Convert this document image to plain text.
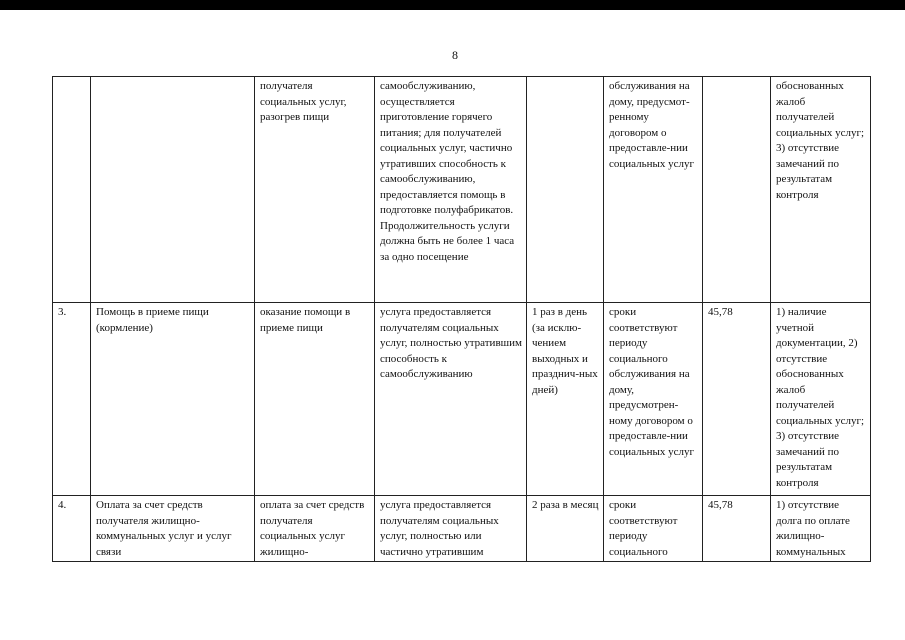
8
		получателя социальных услуг, разогрев пищи	самообслуживанию, осуществляется приготовление горячего питания; для получателей социальных услуг, частично утративших способность к самообслуживанию, предоставляется помощь в подготовке полуфабрикатов. Продолжительность услуги должна быть не более 1 часа за одно посещение		обслуживания на дому, предусмот-ренному договором о предоставле-нии социальных услуг		обоснованных жалоб получателей социальных услуг; 3) отсутствие замечаний по результатам контроля
3.	Помощь в приеме пищи (кормление)	оказание помощи в приеме пищи	услуга предоставляется получателям социальных услуг, полностью утратившим способность к самообслуживанию	1 раз в день (за исклю-чением выходных и празднич-ных дней)	сроки соответствуют периоду социального обслуживания на дому, предусмотрен-ному договором о предоставле-нии социальных услуг	45,78	1) наличие учетной документации, 2) отсутствие обоснованных жалоб получателей социальных услуг; 3) отсутствие замечаний по результатам контроля
4.	Оплата за счет средств получателя жилищно-коммунальных услуг и услуг связи	оплата за счет средств получателя социальных услуг жилищно-	услуга предоставляется получателям социальных услуг, полностью или частично утратившим	2 раза в месяц	сроки соответствуют периоду социального	45,78	1) отсутствие долга по оплате жилищно-коммунальных
